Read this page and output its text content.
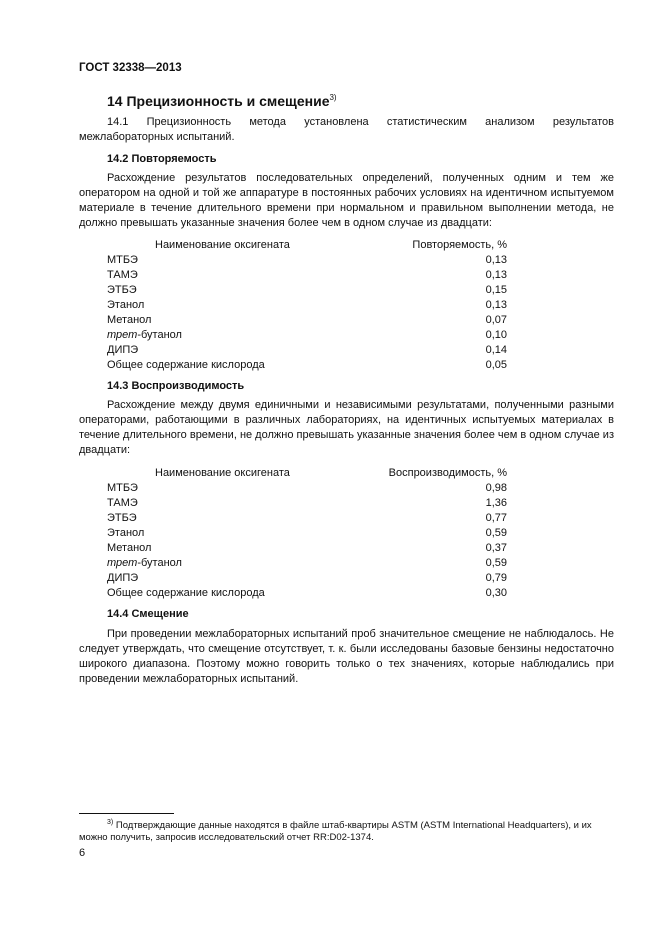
ГОСТ 32338—2013
14 Прецизионность и смещение$^{3)}$
14.1 Прецизионность метода установлена статистическим анализом результатов межлабораторных испытаний.
14.2 Повторяемость
Расхождение результатов последовательных определений, полученных одним и тем же оператором на одной и той же аппаратуре в постоянных рабочих условиях на идентичном испытуемом материале в течение длительного времени при нормальном и правильном выполнении метода, не должно превышать указанные значения более чем в одном случае из двадцати:
Наименование оксигената	Повторяемость, %
МТБЭ	0,13
ТАМЭ	0,13
ЭТБЭ	0,15
Этанол	0,13
Метанол	0,07
трет-бутанол	0,10
ДИПЭ	0,14
Общее содержание кислорода	0,05
14.3 Воспроизводимость
Расхождение между двумя единичными и независимыми результатами, полученными разными операторами, работающими в различных лабораториях, на идентичных испытуемых материалах в течение длительного времени, не должно превышать указанные значения более чем в одном случае из двадцати:
Наименование оксигената	Воспроизводимость, %
МТБЭ	0,98
ТАМЭ	1,36
ЭТБЭ	0,77
Этанол	0,59
Метанол	0,37
трет-бутанол	0,59
ДИПЭ	0,79
Общее содержание кислорода	0,30
14.4 Смещение
При проведении межлабораторных испытаний проб значительное смещение не наблюдалось. Не следует утверждать, что смещение отсутствует, т. к. были исследованы базовые бензины недостаточно широкого диапазона. Поэтому можно говорить только о тех значениях, которые наблюдались при проведении межлабораторных испытаний.
$^{3)}$ Подтверждающие данные находятся в файле штаб-квартиры ASTM (ASTM International Headquarters), и их можно получить, запросив исследовательский отчет RR:D02-1374.
6
